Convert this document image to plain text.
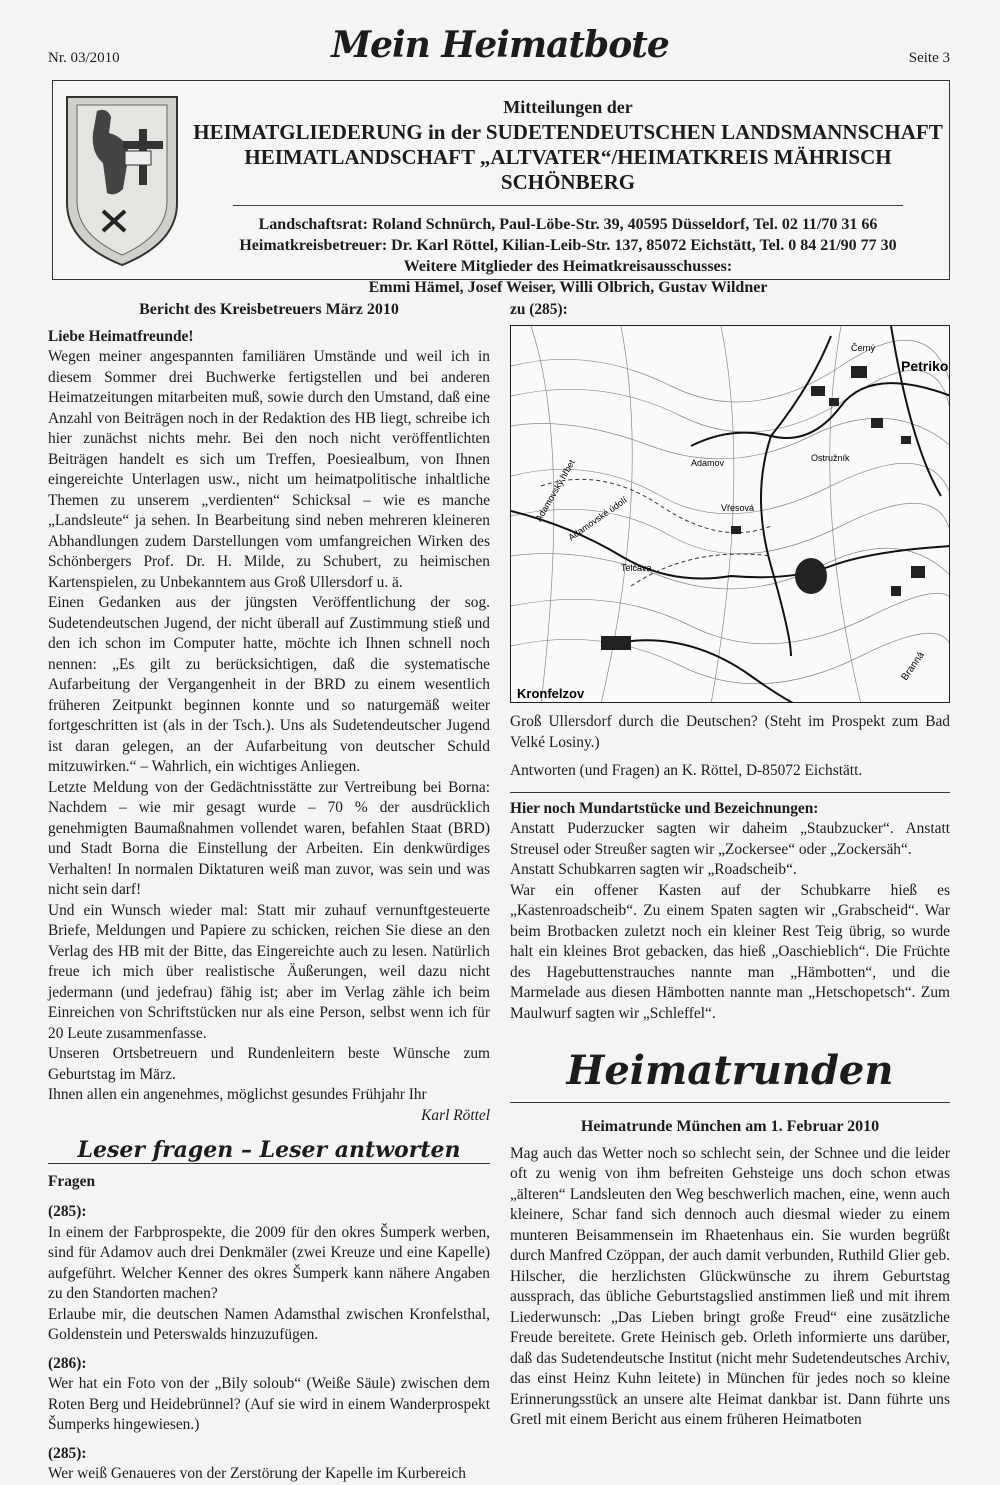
Nr. 03/2010	Mein Heimatbote	Seite 3
Mitteilungen der
HEIMATGLIEDERUNG in der SUDETENDEUTSCHEN LANDSMANNSCHAFT
HEIMATLANDSCHAFT „ALTVATER“/HEIMATKREIS MÄHRISCH SCHÖNBERG
Landschaftsrat: Roland Schnürch, Paul-Löbe-Str. 39, 40595 Düsseldorf, Tel. 02 11/70 31 66
Heimatkreisbetreuer: Dr. Karl Röttel, Kilian-Leib-Str. 137, 85072 Eichstätt, Tel. 0 84 21/90 77 30
Weitere Mitglieder des Heimatkreisausschusses:
Emmi Hämel, Josef Weiser, Willi Olbrich, Gustav Wildner

Bericht des Kreisbetreuers März 2010

Liebe Heimatfreunde!

Wegen meiner angespannten familiären Umstände und weil ich in diesem Sommer drei Buchwerke fertigstellen und bei anderen Heimatzeitungen mitarbeiten muß, sowie durch den Umstand, daß eine Anzahl von Beiträgen noch in der Redaktion des HB liegt, schreibe ich hier zunächst nichts mehr. Bei den noch nicht veröffentlichten Beiträgen handelt es sich um Treffen, Poesiealbum, von Ihnen eingereichte Unterlagen usw., nicht um heimatpolitische inhaltliche Themen zu unserem „verdienten“ Schicksal – wie es manche „Landsleute“ ja sehen. In Bearbeitung sind neben mehreren kleineren Abhandlungen zudem Darstellungen vom umfangreichen Wirken des Schönbergers Prof. Dr. H. Milde, zu Schubert, zu heimischen Kartenspielen, zu Unbekanntem aus Groß Ullersdorf u. ä.

Einen Gedanken aus der jüngsten Veröffentlichung der sog. Sudetendeutschen Jugend, der nicht überall auf Zustimmung stieß und den ich schon im Computer hatte, möchte ich Ihnen schnell noch nennen: „Es gilt zu berücksichtigen, daß die systematische Aufarbeitung der Vergangenheit in der BRD zu einem wesentlich früheren Zeitpunkt beginnen konnte und so naturgemäß weiter fortgeschritten ist (als in der Tsch.). Uns als Sudetendeutscher Jugend ist daran gelegen, an der Aufarbeitung von deutscher Schuld mitzuwirken.“ – Wahrlich, ein wichtiges Anliegen.

Letzte Meldung von der Gedächtnisstätte zur Vertreibung bei Borna: Nachdem – wie mir gesagt wurde – 70 % der ausdrücklich genehmigten Baumaßnahmen vollendet waren, befahlen Staat (BRD) und Stadt Borna die Einstellung der Arbeiten. Ein denkwürdiges Verhalten! In normalen Diktaturen weiß man zuvor, was sein und was nicht sein darf!

Und ein Wunsch wieder mal: Statt mir zuhauf vernunftgesteuerte Briefe, Meldungen und Papiere zu schicken, reichen Sie diese an den Verlag des HB mit der Bitte, das Eingereichte auch zu lesen. Natürlich freue ich mich über realistische Äußerungen, weil dazu nicht jedermann (und jedefrau) fähig ist; aber im Verlag zähle ich beim Einreichen von Schriftstücken nur als eine Person, selbst wenn ich für 20 Leute zusammenfasse.

Unseren Ortsbetreuern und Rundenleitern beste Wünsche zum Geburtstag im März.

Ihnen allen ein angenehmes, möglichst gesundes Frühjahr Ihr

Karl Röttel

Leser fragen – Leser antworten

Fragen

(285):

In einem der Farbprospekte, die 2009 für den okres Šumperk werben, sind für Adamov auch drei Denkmäler (zwei Kreuze und eine Kapelle) aufgeführt. Welcher Kenner des okres Šumperk kann nähere Angaben zu den Standorten machen?

Erlaube mir, die deutschen Namen Adamsthal zwischen Kronfelsthal, Goldenstein und Peterswalds hinzuzufügen.

(286):

Wer hat ein Foto von der „Bily soloub“ (Weiße Säule) zwischen dem Roten Berg und Heidebrünnel? (Auf sie wird in einem Wanderprospekt Šumperks hingewiesen.)

(285):

Wer weiß Genaueres von der Zerstörung der Kapelle im Kurbereich

zu (285):

Petriko
Ostružník
Adamov
Adamovský hřbet
Adamovské údolí	Vřesová
Telčava
Kronfelzov
Branná
Černý

Groß Ullersdorf durch die Deutschen? (Steht im Prospekt zum Bad Velké Losiny.)

Antworten (und Fragen) an K. Röttel, D-85072 Eichstätt.

Hier noch Mundartstücke und Bezeichnungen:

Anstatt Puderzucker sagten wir daheim „Staubzucker“. Anstatt Streusel oder Streußer sagten wir „Zockersee“ oder „Zockersäh“.

Anstatt Schubkarren sagten wir „Roadscheib“.

War ein offener Kasten auf der Schubkarre hieß es „Kastenroadscheib“. Zu einem Spaten sagten wir „Grabscheid“. War beim Brotbacken zuletzt noch ein kleiner Rest Teig übrig, so wurde halt ein kleines Brot gebacken, das hieß „Oaschieblich“. Die Früchte des Hagebuttenstrauches nannte man „Hämbotten“, und die Marmelade aus diesen Hämbotten nannte man „Hetschopetsch“. Zum Maulwurf sagten wir „Schleffel“.

Heimatrunden

Heimatrunde München am 1. Februar 2010

Mag auch das Wetter noch so schlecht sein, der Schnee und die leider oft zu wenig von ihm befreiten Gehsteige uns doch schon etwas „älteren“ Landsleuten den Weg beschwerlich machen, eine, wenn auch kleinere, Schar fand sich dennoch auch diesmal wieder zu einem munteren Beisammensein im Rhaetenhaus ein. Sie wurden begrüßt durch Manfred Czöppan, der auch damit verbunden, Ruthild Glier geb. Hilscher, die herzlichsten Glückwünsche zu ihrem Geburtstag aussprach, das übliche Geburtstagslied anstimmen ließ und mit ihrem Liederwunsch: „Das Lieben bringt große Freud“ eine zusätzliche Freude bereitete. Grete Heinisch geb. Orleth informierte uns darüber, daß das Sudetendeutsche Institut (nicht mehr Sudetendeutsches Archiv, das einst Heinz Kuhn leitete) in München für jedes noch so kleine Erinnerungsstück an unsere alte Heimat dankbar ist. Dann führte uns Gretl mit einem Bericht aus einem früheren Heimatboten
